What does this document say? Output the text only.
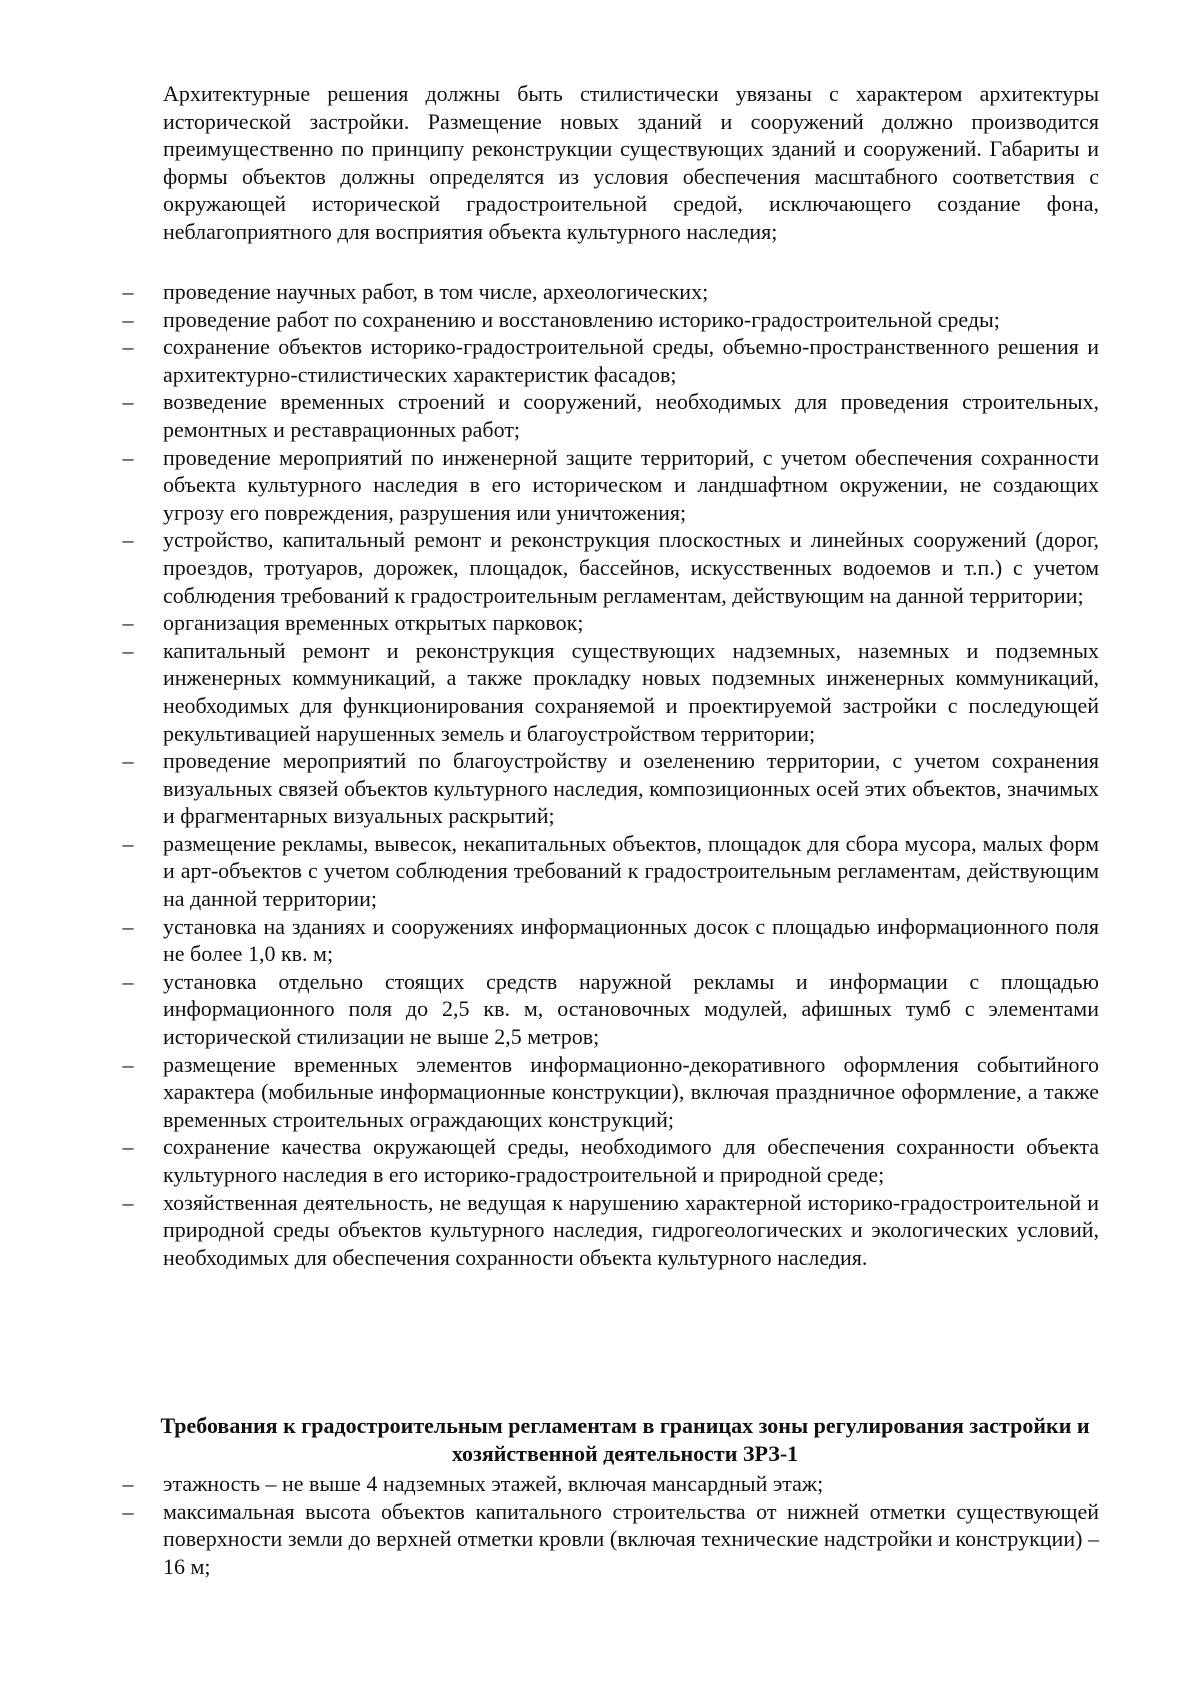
Архитектурные решения должны быть стилистически увязаны с характером архитектуры исторической застройки. Размещение новых зданий и сооружений должно производится преимущественно по принципу реконструкции существующих зданий и сооружений. Габариты и формы объектов должны определятся из условия обеспечения масштабного соответствия с окружающей исторической градостроительной средой, исключающего создание фона, неблагоприятного для восприятия объекта культурного наследия;

– проведение научных работ, в том числе, археологических;
– проведение работ по сохранению и восстановлению историко-градостроительной среды;
– сохранение объектов историко-градостроительной среды, объемно-пространственного решения и архитектурно-стилистических характеристик фасадов;
– возведение временных строений и сооружений, необходимых для проведения строительных, ремонтных и реставрационных работ;
– проведение мероприятий по инженерной защите территорий, с учетом обеспечения сохранности объекта культурного наследия в его историческом и ландшафтном окружении, не создающих угрозу его повреждения, разрушения или уничтожения;
– устройство, капитальный ремонт и реконструкция плоскостных и линейных сооружений (дорог, проездов, тротуаров, дорожек, площадок, бассейнов, искусственных водоемов и т.п.) с учетом соблюдения требований к градостроительным регламентам, действующим на данной территории;
– организация временных открытых парковок;
– капитальный ремонт и реконструкция существующих надземных, наземных и подземных инженерных коммуникаций, а также прокладку новых подземных инженерных коммуникаций, необходимых для функционирования сохраняемой и проектируемой застройки с последующей рекультивацией нарушенных земель и благоустройством территории;
– проведение мероприятий по благоустройству и озеленению территории, с учетом сохранения визуальных связей объектов культурного наследия, композиционных осей этих объектов, значимых и фрагментарных визуальных раскрытий;
– размещение рекламы, вывесок, некапитальных объектов, площадок для сбора мусора, малых форм и арт-объектов с учетом соблюдения требований к градостроительным регламентам, действующим на данной территории;
– установка на зданиях и сооружениях информационных досок с площадью информационного поля не более 1,0 кв. м;
– установка отдельно стоящих средств наружной рекламы и информации с площадью информационного поля до 2,5 кв. м, остановочных модулей, афишных тумб с элементами исторической стилизации не выше 2,5 метров;
– размещение временных элементов информационно-декоративного оформления событийного характера (мобильные информационные конструкции), включая праздничное оформление, а также временных строительных ограждающих конструкций;
– сохранение качества окружающей среды, необходимого для обеспечения сохранности объекта культурного наследия в его историко-градостроительной и природной среде;
– хозяйственная деятельность, не ведущая к нарушению характерной историко-градостроительной и природной среды объектов культурного наследия, гидрогеологических и экологических условий, необходимых для обеспечения сохранности объекта культурного наследия.
Требования к градостроительным регламентам в границах зоны регулирования застройки и хозяйственной деятельности ЗРЗ-1
– этажность – не выше 4 надземных этажей, включая мансардный этаж;
– максимальная высота объектов капитального строительства от нижней отметки существующей поверхности земли до верхней отметки кровли (включая технические надстройки и конструкции) – 16 м;
